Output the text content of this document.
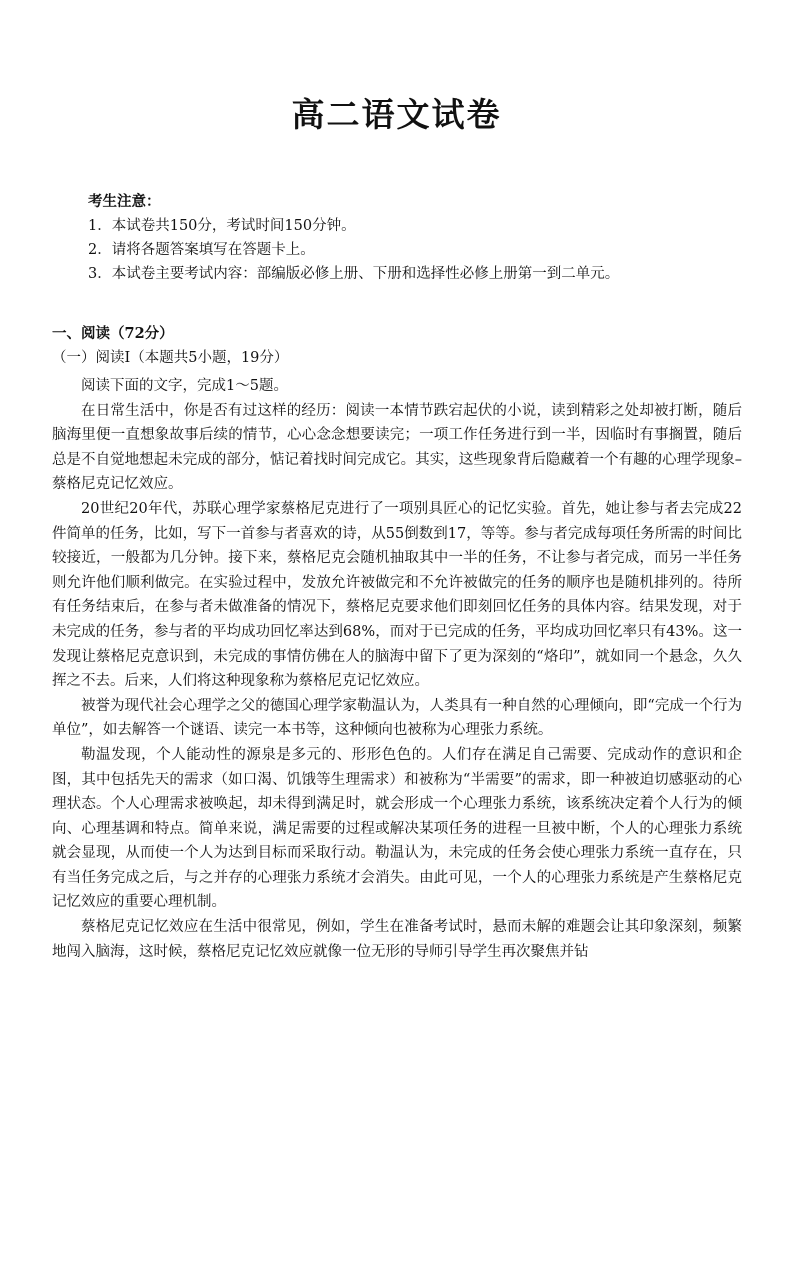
高二语文试卷
考生注意：
1．本试卷共150分，考试时间150分钟。
2．请将各题答案填写在答题卡上。
3．本试卷主要考试内容：部编版必修上册、下册和选择性必修上册第一到二单元。
一、阅读（72分）
（一）阅读I（本题共5小题，19分）

阅读下面的文字，完成1～5题。

在日常生活中，你是否有过这样的经历：阅读一本情节跌宕起伏的小说，读到精彩之处却被打断，随后脑海里便一直想象故事后续的情节，心心念念想要读完；一项工作任务进行到一半，因临时有事搁置，随后总是不自觉地想起未完成的部分，惦记着找时间完成它。其实，这些现象背后隐藏着一个有趣的心理学现象–蔡格尼克记忆效应。

20世纪20年代，苏联心理学家蔡格尼克进行了一项别具匠心的记忆实验。首先，她让参与者去完成22件简单的任务，比如，写下一首参与者喜欢的诗，从55倒数到17，等等。参与者完成每项任务所需的时间比较接近，一般都为几分钟。接下来，蔡格尼克会随机抽取其中一半的任务，不让参与者完成，而另一半任务则允许他们顺利做完。在实验过程中，发放允许被做完和不允许被做完的任务的顺序也是随机排列的。待所有任务结束后，在参与者未做准备的情况下，蔡格尼克要求他们即刻回忆任务的具体内容。结果发现，对于未完成的任务，参与者的平均成功回忆率达到68%，而对于已完成的任务，平均成功回忆率只有43%。这一发现让蔡格尼克意识到，未完成的事情仿佛在人的脑海中留下了更为深刻的“烙印”，就如同一个悬念，久久挥之不去。后来，人们将这种现象称为蔡格尼克记忆效应。

被誉为现代社会心理学之父的德国心理学家勒温认为，人类具有一种自然的心理倾向，即“完成一个行为单位”，如去解答一个谜语、读完一本书等，这种倾向也被称为心理张力系统。

勒温发现，个人能动性的源泉是多元的、形形色色的。人们存在满足自己需要、完成动作的意识和企图，其中包括先天的需求（如口渴、饥饿等生理需求）和被称为“半需要”的需求，即一种被迫切感驱动的心理状态。个人心理需求被唤起，却未得到满足时，就会形成一个心理张力系统，该系统决定着个人行为的倾向、心理基调和特点。简单来说，满足需要的过程或解决某项任务的进程一旦被中断，个人的心理张力系统就会显现，从而使一个人为达到目标而采取行动。勒温认为，未完成的任务会使心理张力系统一直存在，只有当任务完成之后，与之并存的心理张力系统才会消失。由此可见，一个人的心理张力系统是产生蔡格尼克记忆效应的重要心理机制。

蔡格尼克记忆效应在生活中很常见，例如，学生在准备考试时，悬而未解的难题会让其印象深刻，频繁地闯入脑海，这时候，蔡格尼克记忆效应就像一位无形的导师引导学生再次聚焦并钻
